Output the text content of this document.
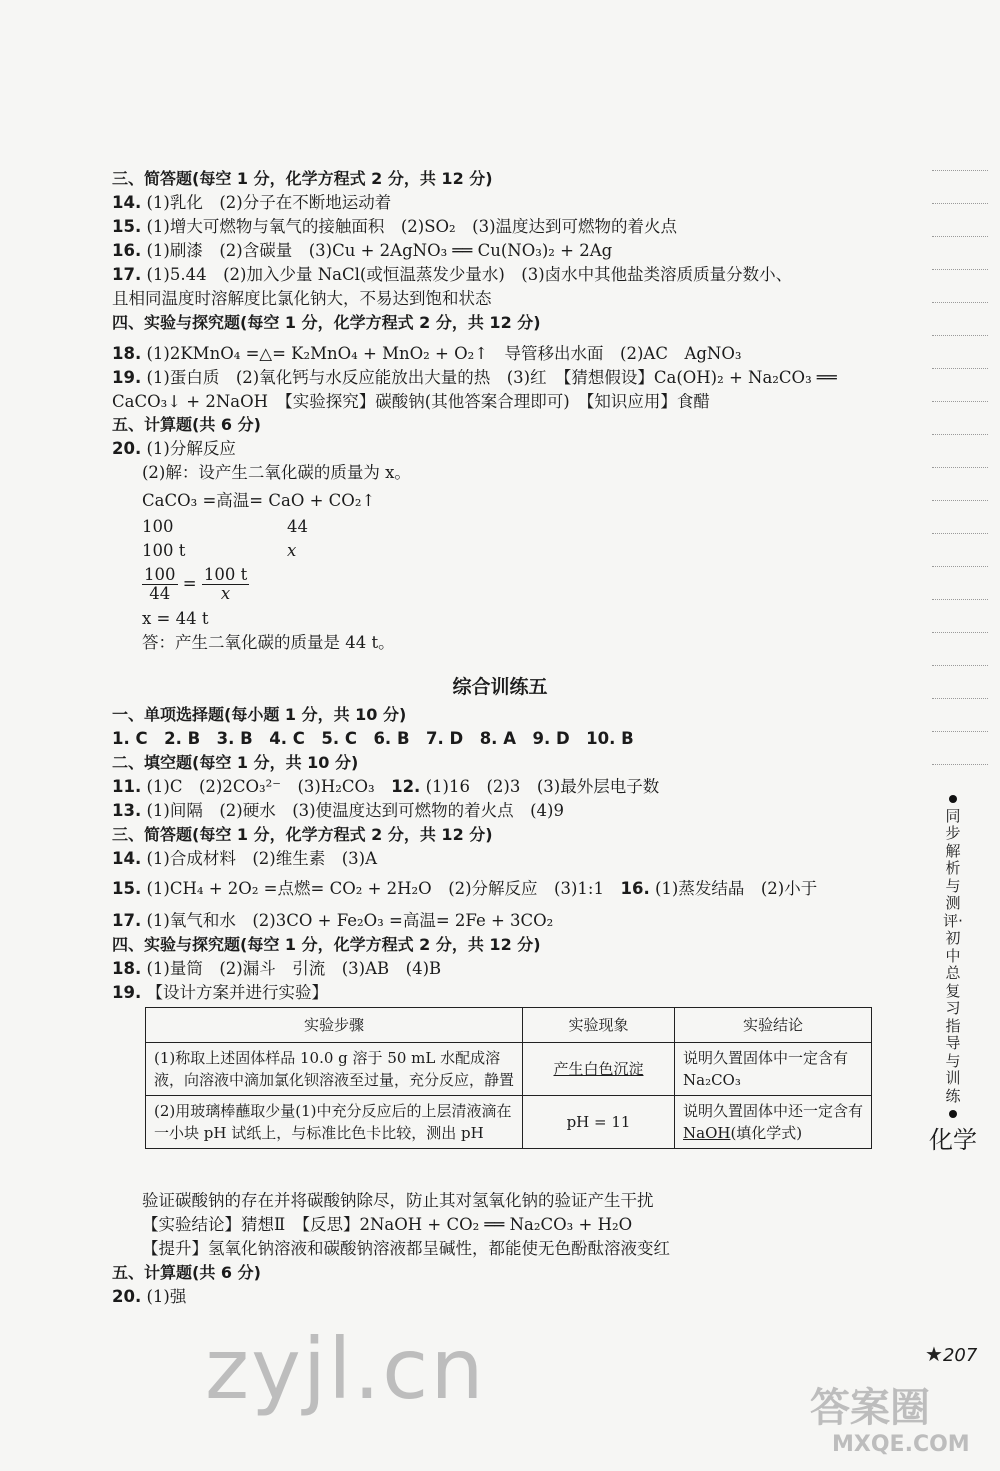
三、简答题(每空 1 分，化学方程式 2 分，共 12 分)
14. (1)乳化　(2)分子在不断地运动着
15. (1)增大可燃物与氧气的接触面积　(2)SO₂　(3)温度达到可燃物的着火点
16. (1)刷漆　(2)含碳量　(3)Cu + 2AgNO₃ ══ Cu(NO₃)₂ + 2Ag
17. (1)5.44　(2)加入少量 NaCl(或恒温蒸发少量水)　(3)卤水中其他盐类溶质质量分数小、
且相同温度时溶解度比氯化钠大，不易达到饱和状态
四、实验与探究题(每空 1 分，化学方程式 2 分，共 12 分)
18. (1)2KMnO₄ =△= K₂MnO₄ + MnO₂ + O₂↑　导管移出水面　(2)AC　AgNO₃
19. (1)蛋白质　(2)氧化钙与水反应能放出大量的热　(3)红　【猜想假设】Ca(OH)₂ + Na₂CO₃ ══
CaCO₃↓ + 2NaOH　【实验探究】碳酸钠(其他答案合理即可)　【知识应用】食醋
五、计算题(共 6 分)
20. (1)分解反应
(2)解：设产生二氧化碳的质量为 x。
CaCO₃ =高温= CaO + CO₂↑
100	44
100 t	x
$\frac{100}{44} = \frac{100 t}{x}$
x = 44 t
答：产生二氧化碳的质量是 44 t。
综合训练五
一、单项选择题(每小题 1 分，共 10 分)
1. C　2. B　3. B　4. C　5. C　6. B　7. D　8. A　9. D　10. B
二、填空题(每空 1 分，共 10 分)
11. (1)C　(2)2CO₃²⁻　(3)H₂CO₃　12. (1)16　(2)3　(3)最外层电子数
13. (1)间隔　(2)硬水　(3)使温度达到可燃物的着火点　(4)9
三、简答题(每空 1 分，化学方程式 2 分，共 12 分)
14. (1)合成材料　(2)维生素　(3)A
15. (1)CH₄ + 2O₂ =点燃= CO₂ + 2H₂O　(2)分解反应　(3)1:1　16. (1)蒸发结晶　(2)小于
17. (1)氧气和水　(2)3CO + Fe₂O₃ =高温= 2Fe + 3CO₂
四、实验与探究题(每空 1 分，化学方程式 2 分，共 12 分)
18. (1)量筒　(2)漏斗　引流　(3)AB　(4)B
19. 【设计方案并进行实验】
实验步骤	实验现象	实验结论
(1)称取上述固体样品 10.0 g 溶于 50 mL 水配成溶液，向溶液中滴加氯化钡溶液至过量，充分反应，静置	产生白色沉淀	说明久置固体中一定含有 Na₂CO₃
(2)用玻璃棒蘸取少量(1)中充分反应后的上层清液滴在一小块 pH 试纸上，与标准比色卡比较，测出 pH	pH = 11	说明久置固体中还一定含有NaOH(填化学式)
验证碳酸钠的存在并将碳酸钠除尽，防止其对氢氧化钠的验证产生干扰
【实验结论】猜想Ⅱ　【反思】2NaOH + CO₂ ══ Na₂CO₃ + H₂O
【提升】氢氧化钠溶液和碳酸钠溶液都呈碱性，都能使无色酚酞溶液变红
五、计算题(共 6 分)
20. (1)强
同步解析与测评·初中总复习指导与训练
化学
★207
zyjl.cn	答案圈
MXQE.COM
